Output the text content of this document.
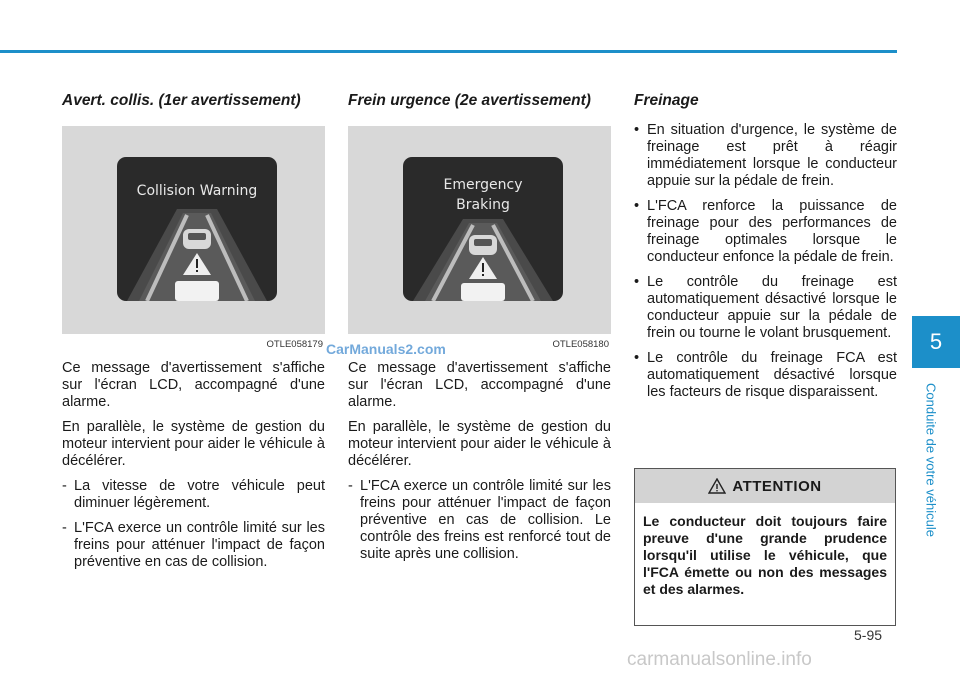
Avert. collis. (1er avertissement)
Collision Warning
OTLE058179

Ce message d'avertissement s'affiche sur l'écran LCD, accompagné d'une alarme.

En parallèle, le système de gestion du moteur intervient pour aider le véhicule à décélérer.

- La vitesse de votre véhicule peut diminuer légèrement.
- L'FCA exerce un contrôle limité sur les freins pour atténuer l'impact de façon préventive en cas de collision.
Frein urgence (2e avertissement)
Emergency
Braking
OTLE058180

Ce message d'avertissement s'affiche sur l'écran LCD, accompagné d'une alarme.

En parallèle, le système de gestion du moteur intervient pour aider le véhicule à décélérer.

- L'FCA exerce un contrôle limité sur les freins pour atténuer l'impact de façon préventive en cas de collision. Le contrôle des freins est renforcé tout de suite après une collision.
Freinage
• En situation d'urgence, le système de freinage est prêt à réagir immédiatement lorsque le conducteur appuie sur la pédale de frein.
• L'FCA renforce la puissance de freinage pour des performances de freinage optimales lorsque le conducteur enfonce la pédale de frein.
• Le contrôle du freinage est automatiquement désactivé lorsque le conducteur appuie sur la pédale de frein ou tourne le volant brusquement.
• Le contrôle du freinage FCA est automatiquement désactivé lorsque les facteurs de risque disparaissent.
ATTENTION
Le conducteur doit toujours faire preuve d'une grande prudence lorsqu'il utilise le véhicule, que l'FCA émette ou non des messages et des alarmes.
5
Conduite de votre véhicule
5-95
CarManuals2.com
carmanualsonline.info
